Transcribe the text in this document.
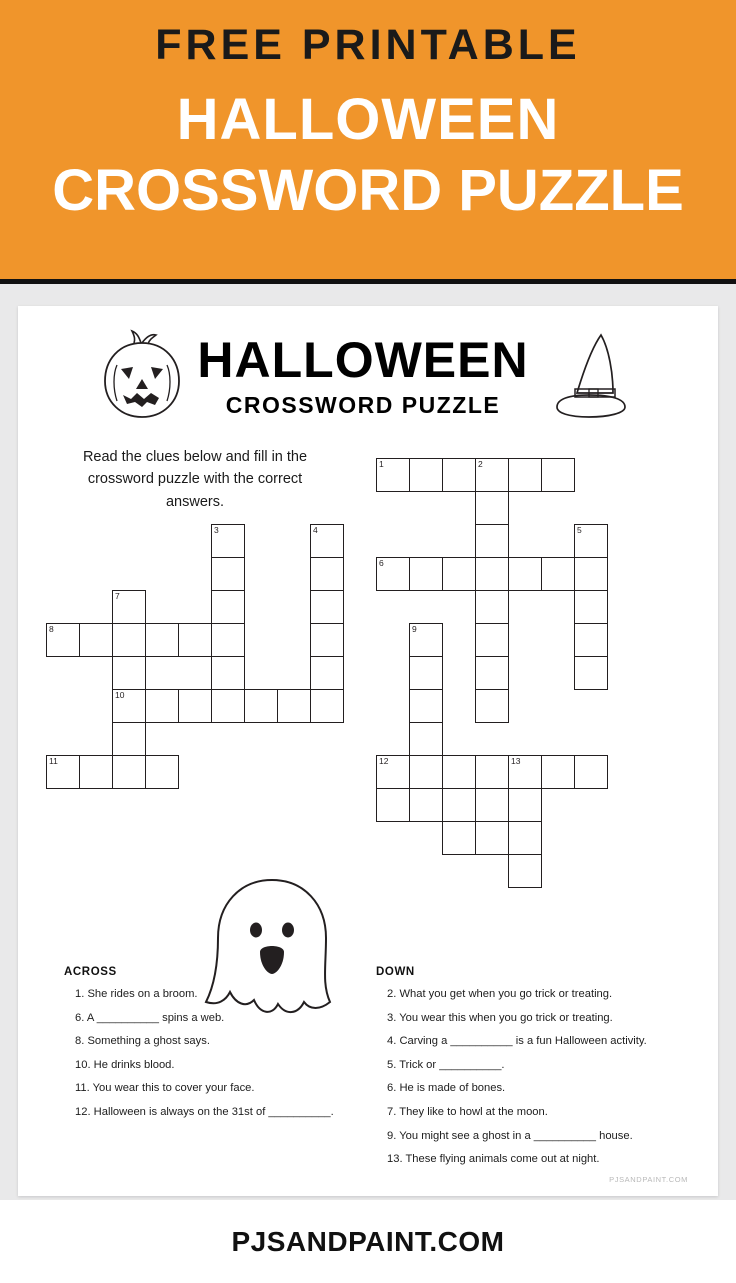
FREE PRINTABLE
HALLOWEEN
CROSSWORD PUZZLE
HALLOWEEN
CROSSWORD PUZZLE
Read the clues below and fill in the crossword puzzle with the correct answers.
1	2
3	4	5
6
7
8	9
10
11	12	13
ACROSS
1. She rides on a broom.
6. A __________ spins a web.
8. Something a ghost says.
10. He drinks blood.
11. You wear this to cover your face.
12. Halloween is always on the 31st of __________.
DOWN
2. What you get when you go trick or treating.
3. You wear this when you go trick or treating.
4. Carving a __________ is a fun Halloween activity.
5. Trick or __________.
6. He is made of bones.
7. They like to howl at the moon.
9. You might see a ghost in a __________ house.
13. These flying animals come out at night.
PJSANDPAINT.COM
PJSANDPAINT.COM
